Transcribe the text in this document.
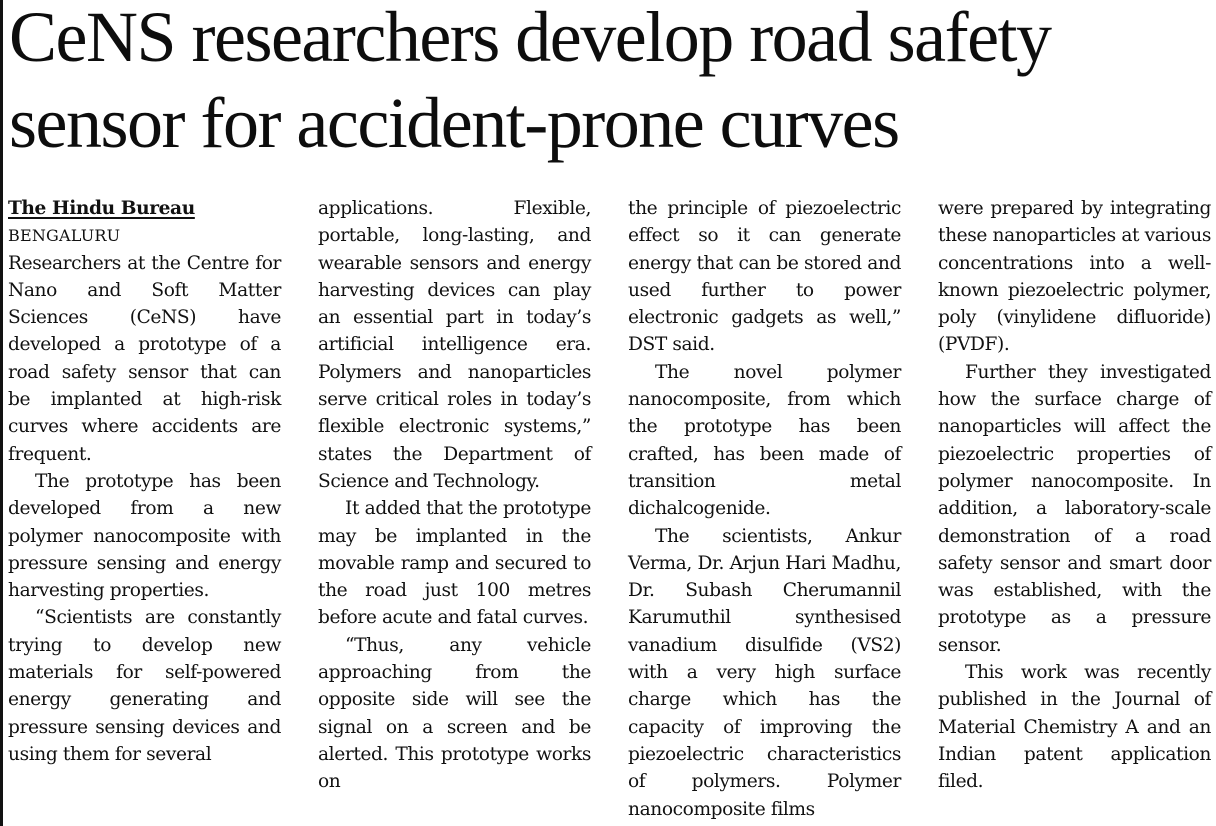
CeNS researchers develop road safety
sensor for accident-prone curves

The Hindu Bureau

BENGALURU

Researchers at the Centre for Nano and Soft Matter Sciences (CeNS) have developed a prototype of a road safety sensor that can be implanted at high-risk curves where accidents are frequent.

The prototype has been developed from a new polymer nanocomposite with pressure sensing and energy harvesting properties.

“Scientists are constantly trying to develop new materials for self-powered energy generating and pressure sensing devices and using them for several

applications. Flexible, portable, long-lasting, and wearable sensors and energy harvesting devices can play an essential part in today’s artificial intelligence era. Polymers and nanoparticles serve critical roles in today’s flexible electronic systems,” states the Department of Science and Technology.

It added that the prototype may be implanted in the movable ramp and secured to the road just 100 metres before acute and fatal curves.

“Thus, any vehicle approaching from the opposite side will see the signal on a screen and be alerted. This prototype works on

the principle of piezoelectric effect so it can generate energy that can be stored and used further to power electronic gadgets as well,” DST said.

The novel polymer nanocomposite, from which the prototype has been crafted, has been made of transition metal dichalcogenide.

The scientists, Ankur Verma, Dr. Arjun Hari Madhu, Dr. Subash Cherumannil Karumuthil synthesised vanadium disulfide (VS2) with a very high surface charge which has the capacity of improving the piezoelectric characteristics of polymers. Polymer nanocomposite films

were prepared by integrating these nanoparticles at various concentrations into a well-known piezoelectric polymer, poly (vinylidene difluoride) (PVDF).

Further they investigated how the surface charge of nanoparticles will affect the piezoelectric properties of polymer nanocomposite. In addition, a laboratory-scale demonstration of a road safety sensor and smart door was established, with the prototype as a pressure sensor.

This work was recently published in the Journal of Material Chemistry A and an Indian patent application filed.
